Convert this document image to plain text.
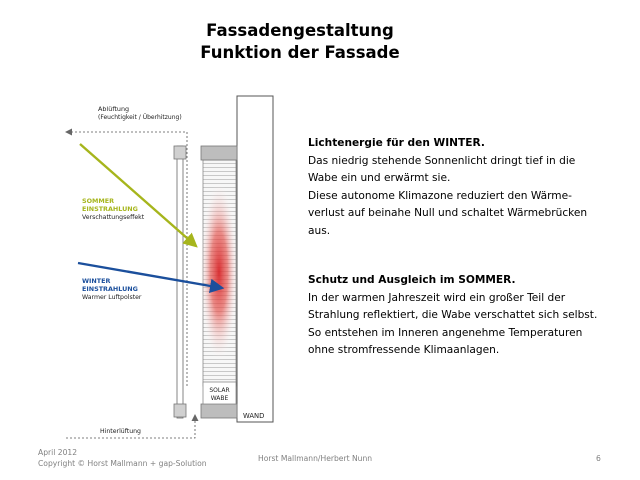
Fassadengestaltung
Funktion der Fassade
Ablüftung
(Feuchtigkeit / Überhitzung)
SOMMER
EINSTRAHLUNG
Verschattungseffekt
WINTER
EINSTRAHLUNG
Warmer Luftpolster
SOLAR
WABE
WAND
Hinterlüftung
Lichtenergie für den WINTER.
Das niedrig stehende Sonnenlicht dringt tief in die
Wabe ein und erwärmt sie.
Diese autonome Klimazone reduziert den Wärme-
verlust auf beinahe Null und schaltet Wärmebrücken
aus.
Schutz und Ausgleich im SOMMER.
In der warmen Jahreszeit wird ein großer Teil der
Strahlung reflektiert, die Wabe verschattet sich selbst.
So entstehen im Inneren angenehme Temperaturen
ohne stromfressende Klimaanlagen.
April 2012
Copyright © Horst Mallmann + gap-Solution
Horst Mallmann/Herbert Nunn	6
